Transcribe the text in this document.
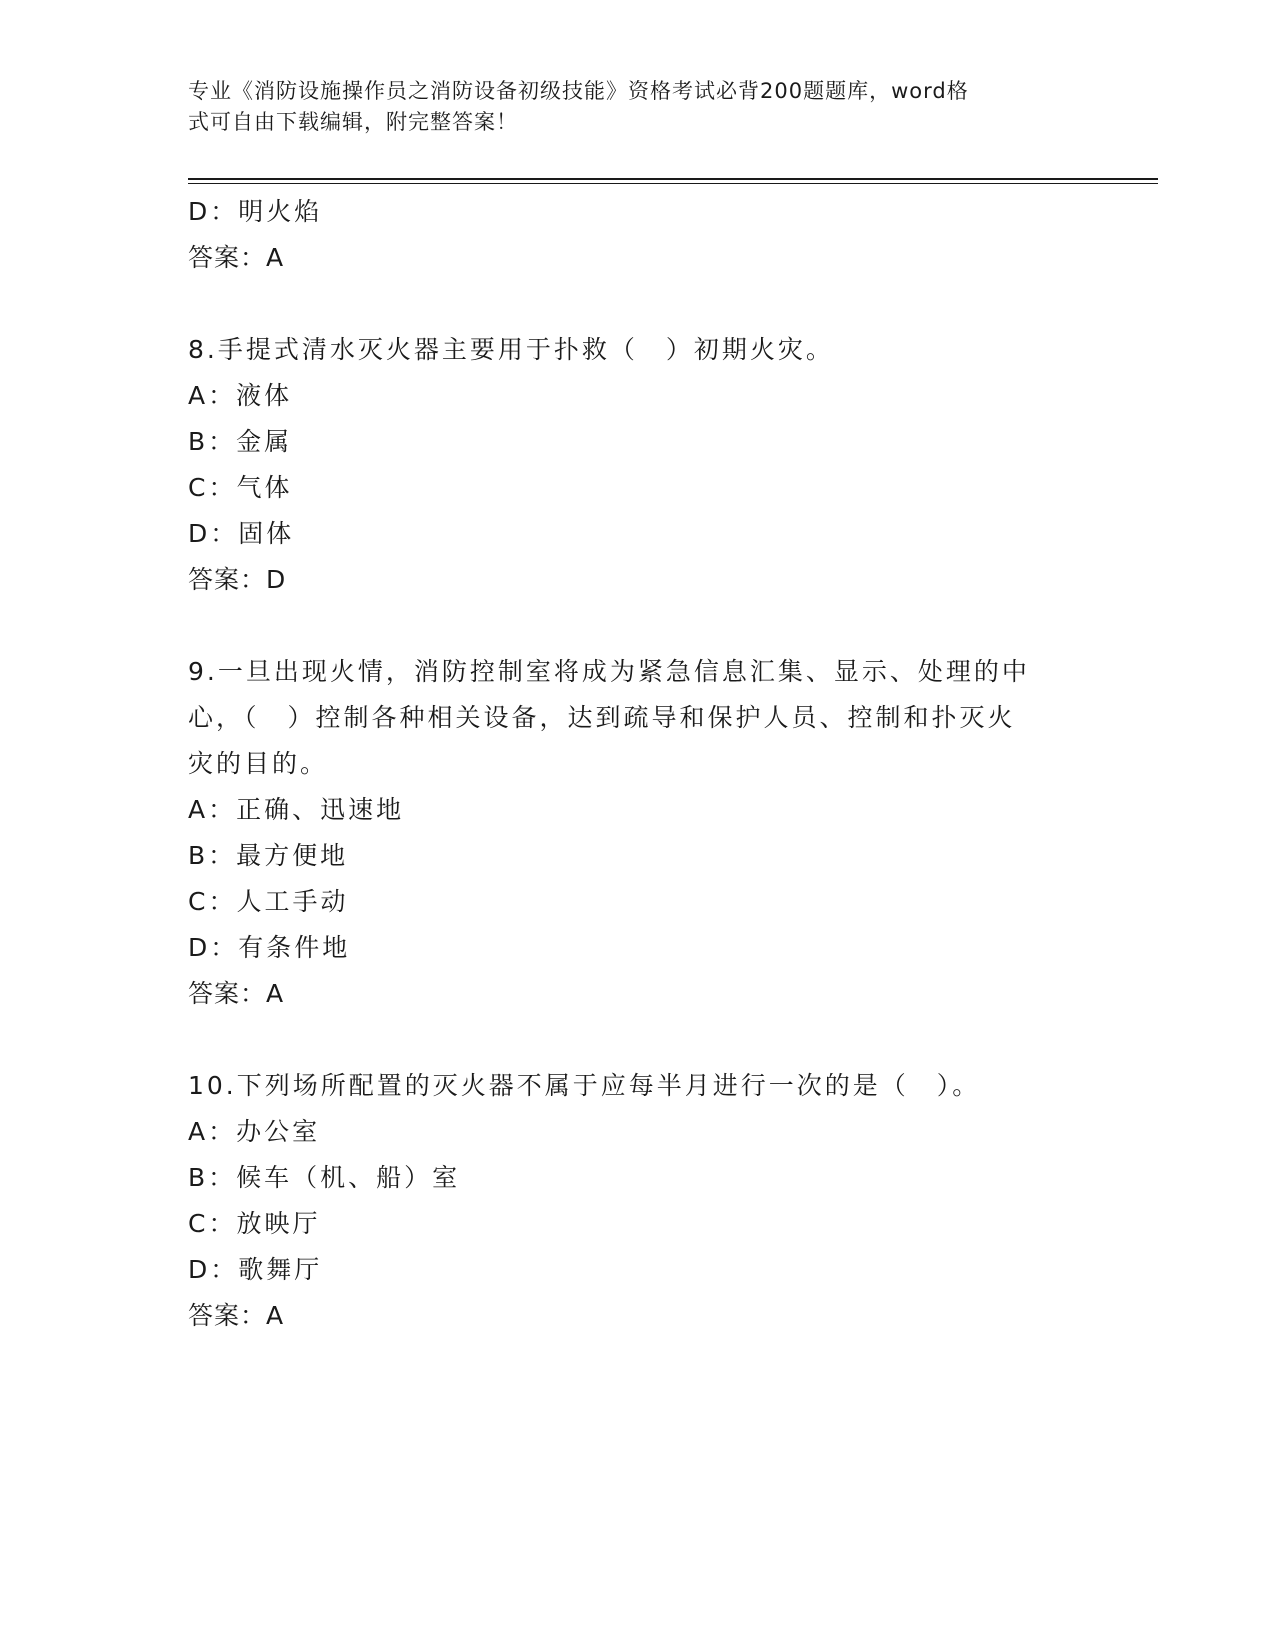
专业《消防设施操作员之消防设备初级技能》资格考试必背200题题库，word格
式可自由下载编辑，附完整答案！
D：明火焰
答案：A
8.手提式清水灭火器主要用于扑救（　）初期火灾。
A：液体
B：金属
C：气体
D：固体
答案：D
9.一旦出现火情，消防控制室将成为紧急信息汇集、显示、处理的中
心，（　）控制各种相关设备，达到疏导和保护人员、控制和扑灭火
灾的目的。
A：正确、迅速地
B：最方便地
C：人工手动
D：有条件地
答案：A
10.下列场所配置的灭火器不属于应每半月进行一次的是（　）。
A：办公室
B：候车（机、船）室
C：放映厅
D：歌舞厅
答案：A
